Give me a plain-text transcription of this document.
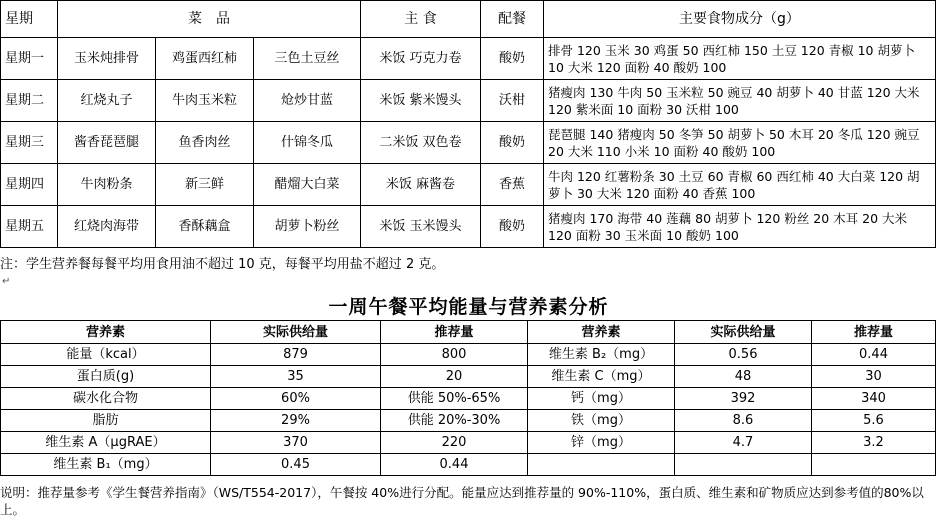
星期	菜　品			主 食	配餐	主要食物成分（g）
星期一	玉米炖排骨	鸡蛋西红柿	三色土豆丝	米饭 巧克力卷	酸奶	排骨 120 玉米 30 鸡蛋 50 西红柿 150 土豆 120 青椒 10 胡萝卜 10 大米 120 面粉 40 酸奶 100
星期二	红烧丸子	牛肉玉米粒	炝炒甘蓝	米饭 紫米馒头	沃柑	猪瘦肉 130 牛肉 50 玉米粒 50 豌豆 40 胡萝卜 40 甘蓝 120 大米 120 紫米面 10 面粉 30 沃柑 100
星期三	酱香琵琶腿	鱼香肉丝	什锦冬瓜	二米饭 双色卷	酸奶	琵琶腿 140 猪瘦肉 50 冬笋 50 胡萝卜 50 木耳 20 冬瓜 120 豌豆 20 大米 110 小米 10 面粉 40 酸奶 100
星期四	牛肉粉条	新三鲜	醋熘大白菜	米饭 麻酱卷	香蕉	牛肉 120 红薯粉条 30 土豆 60 青椒 60 西红柿 40 大白菜 120 胡萝卜 30 大米 120 面粉 40 香蕉 100
星期五	红烧肉海带	香酥藕盒	胡萝卜粉丝	米饭 玉米馒头	酸奶	猪瘦肉 170 海带 40 莲藕 80 胡萝卜 120 粉丝 20 木耳 20 大米 120 面粉 30 玉米面 10 酸奶 100
注：学生营养餐每餐平均用食用油不超过 10 克，每餐平均用盐不超过 2 克。
↵
一周午餐平均能量与营养素分析
营养素	实际供给量	推荐量	营养素	实际供给量	推荐量
能量（kcal）	879	800	维生素 B₂（mg）	0.56	0.44
蛋白质(g)	35	20	维生素 C（mg）	48	30
碳水化合物	60%	供能 50%-65%	钙（mg）	392	340
脂肪	29%	供能 20%-30%	铁（mg）	8.6	5.6
维生素 A（μgRAE）	370	220	锌（mg）	4.7	3.2
维生素 B₁（mg）	0.45	0.44			
说明：推荐量参考《学生餐营养指南》（WS/T554-2017），午餐按 40%进行分配。能量应达到推荐量的 90%-110%，蛋白质、维生素和矿物质应达到参考值的80%以上。
